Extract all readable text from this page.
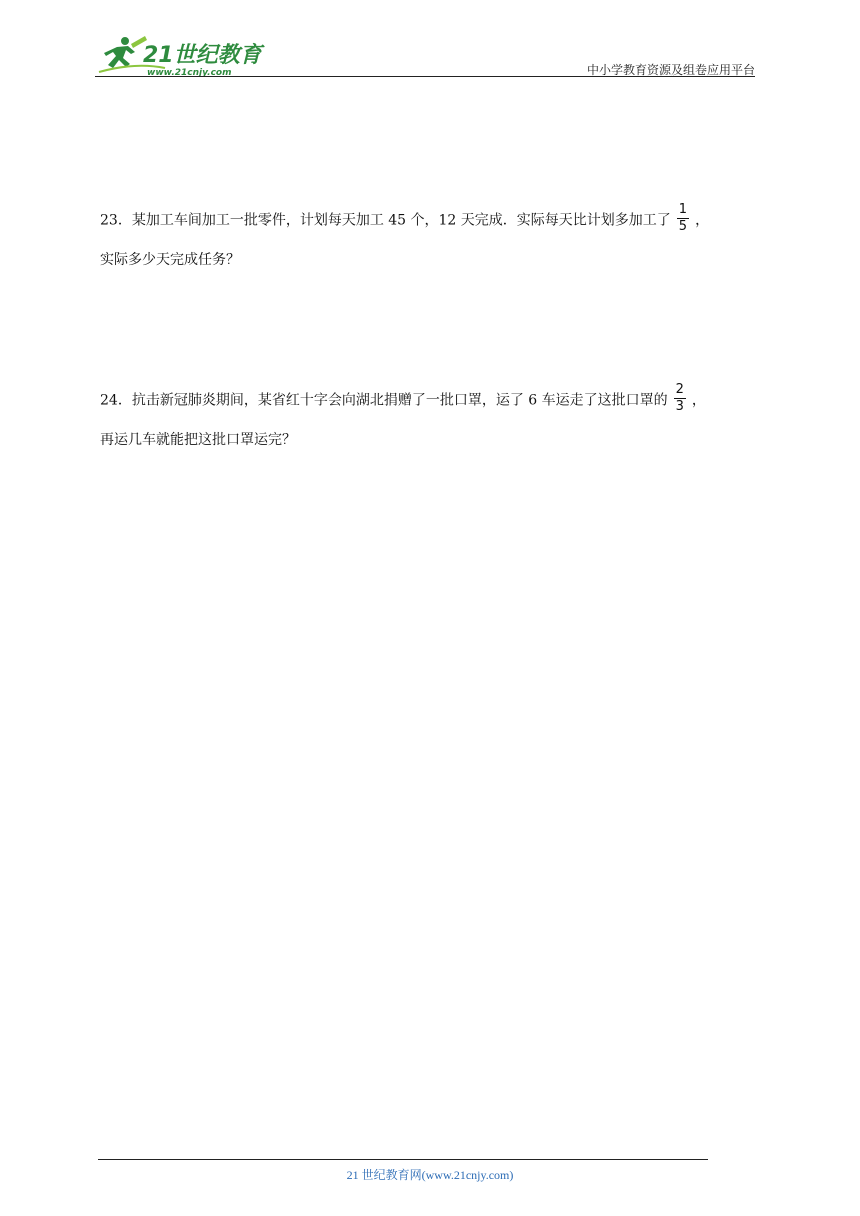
21世纪教育
www.21cnjy.com	中小学教育资源及组卷应用平台
23．某加工车间加工一批零件，计划每天加工 45 个，12 天完成．实际每天比计划多加工了 $\frac{1}{5}$ ，
实际多少天完成任务？
24．抗击新冠肺炎期间，某省红十字会向湖北捐赠了一批口罩，运了 6 车运走了这批口罩的 $\frac{2}{3}$ ，
再运几车就能把这批口罩运完？
21 世纪教育网(www.21cnjy.com)
